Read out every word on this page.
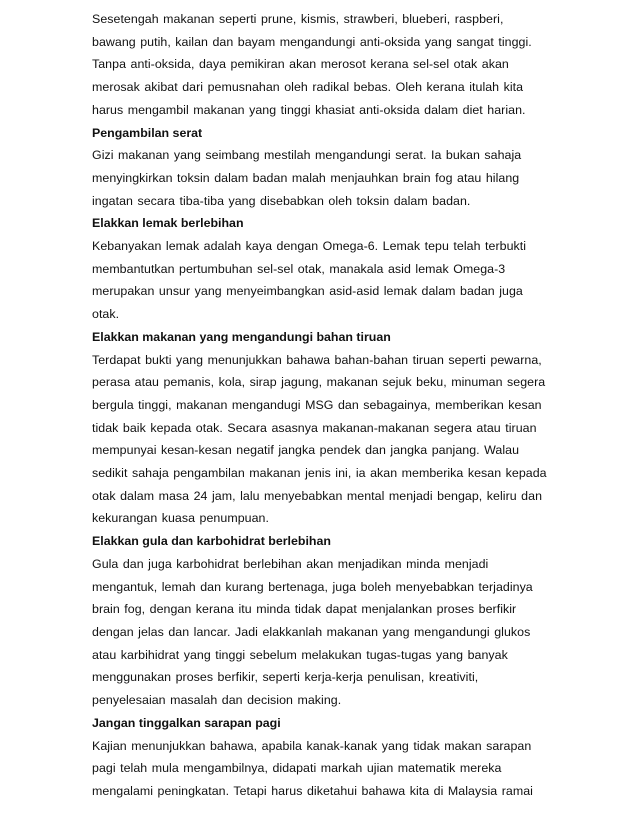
Sesetengah makanan seperti prune, kismis, strawberi, blueberi, raspberi,
bawang putih, kailan dan bayam mengandungi anti-oksida yang sangat tinggi.
Tanpa anti-oksida, daya pemikiran akan merosot kerana sel-sel otak akan
merosak akibat dari pemusnahan oleh radikal bebas. Oleh kerana itulah kita
harus mengambil makanan yang tinggi khasiat anti-oksida dalam diet harian.
Pengambilan serat
Gizi makanan yang seimbang mestilah mengandungi serat. Ia bukan sahaja
menyingkirkan toksin dalam badan malah menjauhkan brain fog atau hilang
ingatan secara tiba-tiba yang disebabkan oleh toksin dalam badan.
Elakkan lemak berlebihan
Kebanyakan lemak adalah kaya dengan Omega-6. Lemak tepu telah terbukti
membantutkan pertumbuhan sel-sel otak, manakala asid lemak Omega-3
merupakan unsur yang menyeimbangkan asid-asid lemak dalam badan juga
otak.
Elakkan makanan yang mengandungi bahan tiruan
Terdapat bukti yang menunjukkan bahawa bahan-bahan tiruan seperti pewarna,
perasa atau pemanis, kola, sirap jagung, makanan sejuk beku, minuman segera
bergula tinggi, makanan mengandugi MSG dan sebagainya, memberikan kesan
tidak baik kepada otak. Secara asasnya makanan-makanan segera atau tiruan
mempunyai kesan-kesan negatif jangka pendek dan jangka panjang. Walau
sedikit sahaja pengambilan makanan jenis ini, ia akan memberika kesan kepada
otak dalam masa 24 jam, lalu menyebabkan mental menjadi bengap, keliru dan
kekurangan kuasa penumpuan.
Elakkan gula dan karbohidrat berlebihan
Gula dan juga karbohidrat berlebihan akan menjadikan minda menjadi
mengantuk, lemah dan kurang bertenaga, juga boleh menyebabkan terjadinya
brain fog, dengan kerana itu minda tidak dapat menjalankan proses berfikir
dengan jelas dan lancar. Jadi elakkanlah makanan yang mengandungi glukos
atau karbihidrat yang tinggi sebelum melakukan tugas-tugas yang banyak
menggunakan proses berfikir, seperti kerja-kerja penulisan, kreativiti,
penyelesaian masalah dan decision making.
Jangan tinggalkan sarapan pagi
Kajian menunjukkan bahawa, apabila kanak-kanak yang tidak makan sarapan
pagi telah mula mengambilnya, didapati markah ujian matematik mereka
mengalami peningkatan. Tetapi harus diketahui bahawa kita di Malaysia ramai
